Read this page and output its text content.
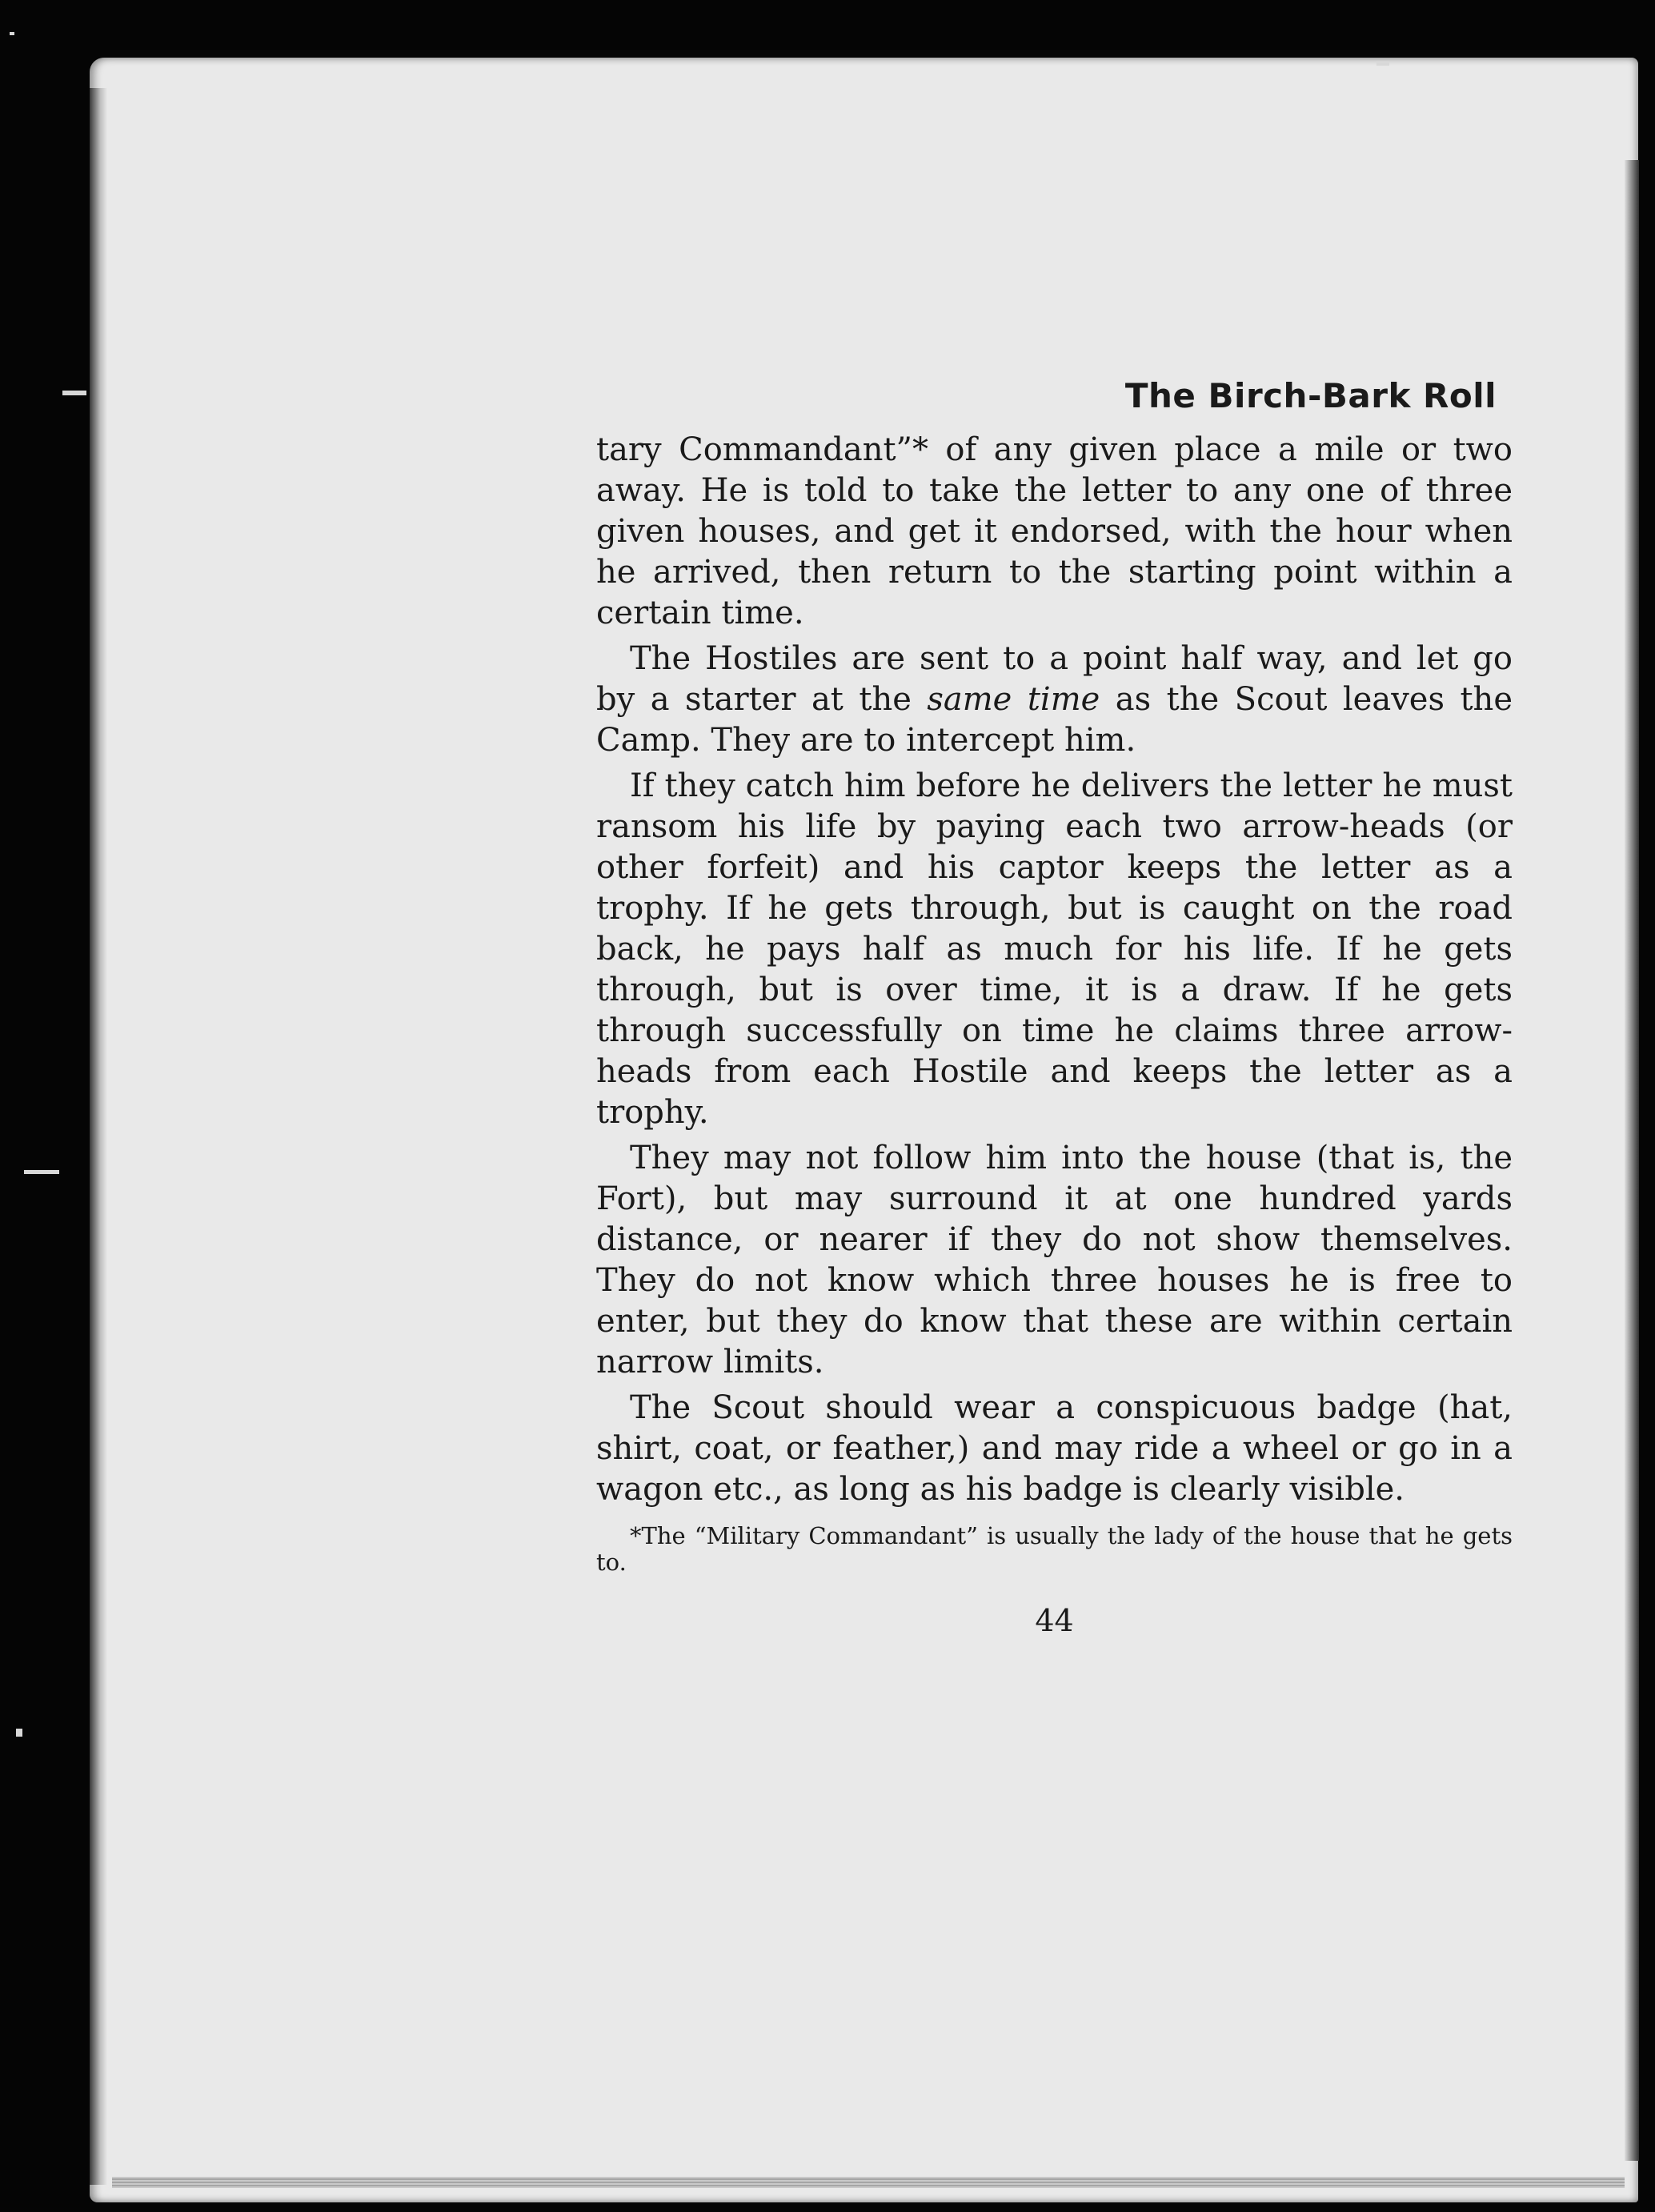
The Birch-Bark Roll

tary Commandant”* of any given place a mile or two away. He is told to take the letter to any one of three given houses, and get it endorsed, with the hour when he arrived, then return to the starting point within a certain time.

The Hostiles are sent to a point half way, and let go by a starter at the same time as the Scout leaves the Camp. They are to intercept him.

If they catch him before he delivers the letter he must ransom his life by paying each two arrow-heads (or other forfeit) and his captor keeps the letter as a trophy. If he gets through, but is caught on the road back, he pays half as much for his life. If he gets through, but is over time, it is a draw. If he gets through successfully on time he claims three arrow-heads from each Hostile and keeps the letter as a trophy.

They may not follow him into the house (that is, the Fort), but may surround it at one hundred yards distance, or nearer if they do not show themselves. They do not know which three houses he is free to enter, but they do know that these are within certain narrow limits.

The Scout should wear a conspicuous badge (hat, shirt, coat, or feather,) and may ride a wheel or go in a wagon etc., as long as his badge is clearly visible.

*The “Military Commandant” is usually the lady of the house that he gets to.

44
